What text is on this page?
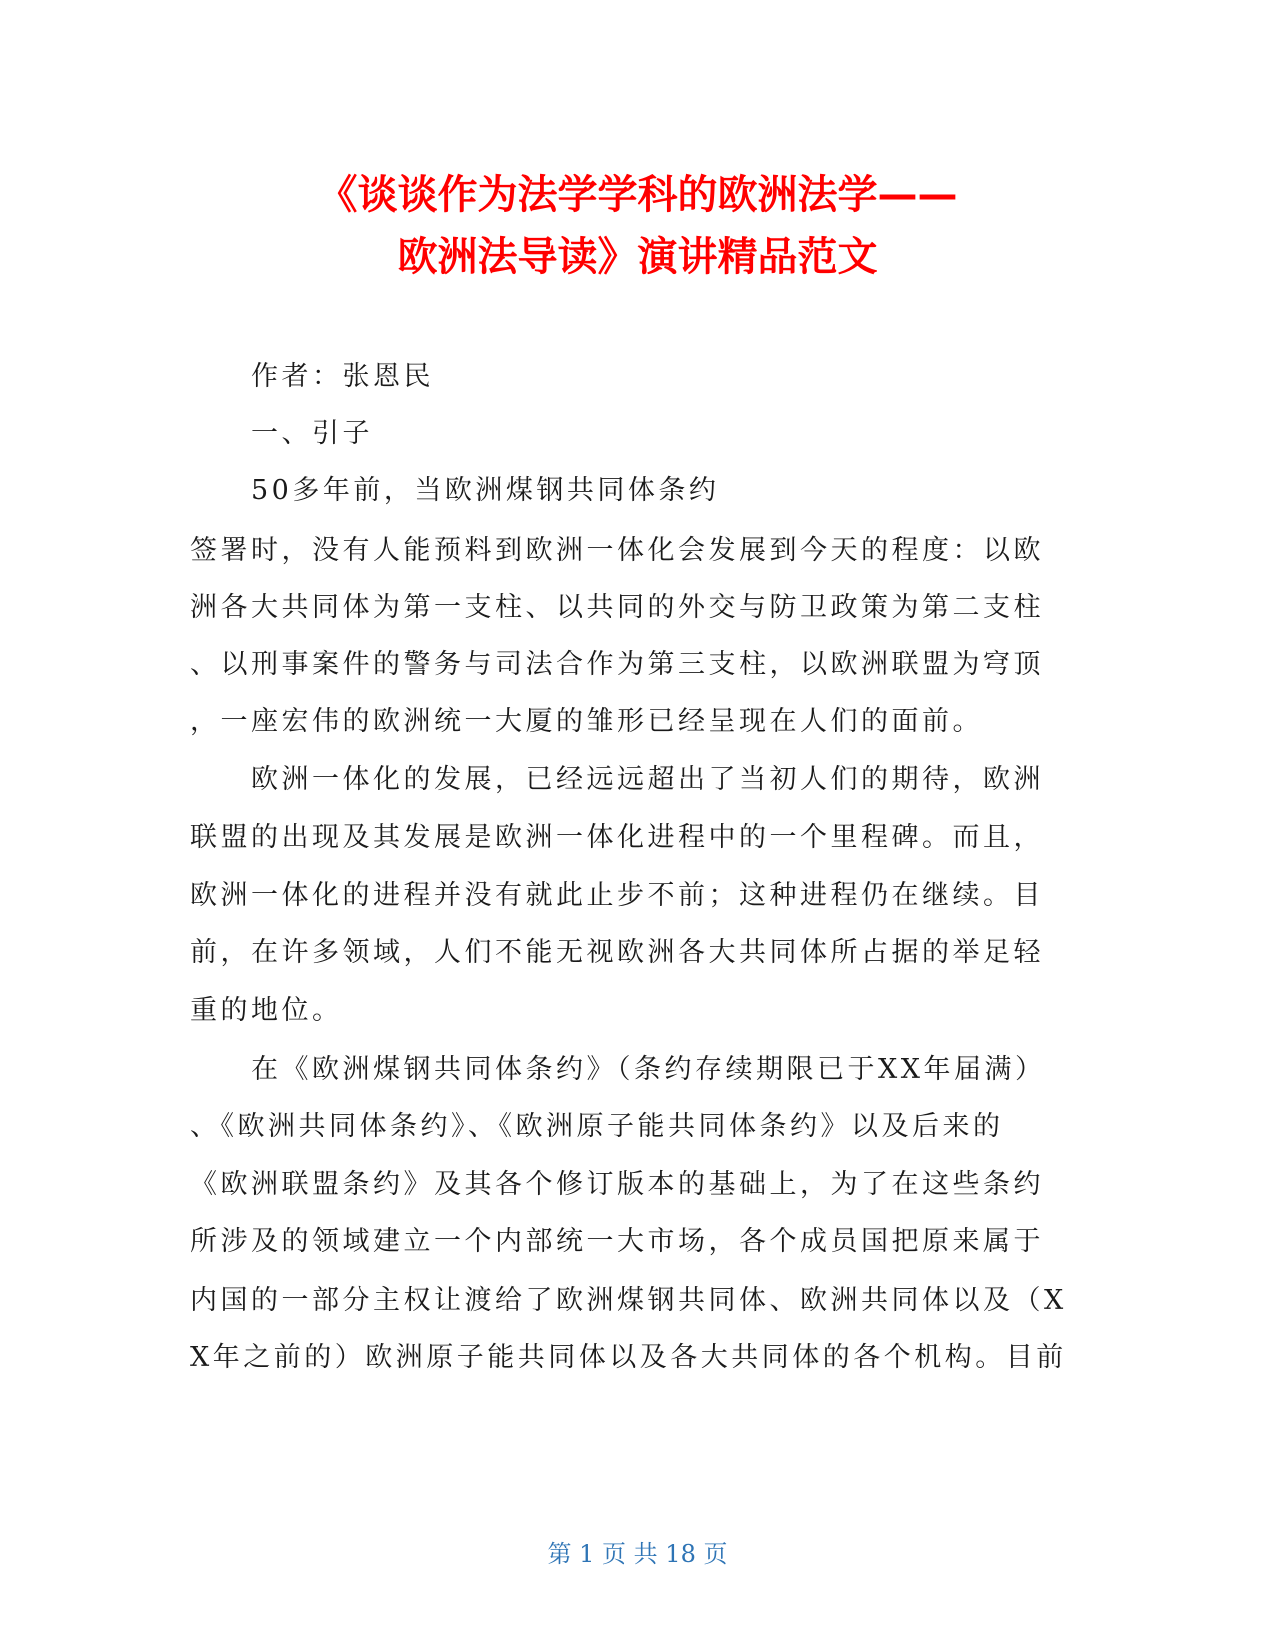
《谈谈作为法学学科的欧洲法学——
欧洲法导读》演讲精品范文
作者：张恩民
一、引子
50多年前，当欧洲煤钢共同体条约
签署时，没有人能预料到欧洲一体化会发展到今天的程度：以欧
洲各大共同体为第一支柱、以共同的外交与防卫政策为第二支柱
、以刑事案件的警务与司法合作为第三支柱，以欧洲联盟为穹顶
，一座宏伟的欧洲统一大厦的雏形已经呈现在人们的面前。
欧洲一体化的发展，已经远远超出了当初人们的期待，欧洲
联盟的出现及其发展是欧洲一体化进程中的一个里程碑。而且，
欧洲一体化的进程并没有就此止步不前；这种进程仍在继续。目
前，在许多领域，人们不能无视欧洲各大共同体所占据的举足轻
重的地位。
在《欧洲煤钢共同体条约》（条约存续期限已于XX年届满）
、《欧洲共同体条约》、《欧洲原子能共同体条约》以及后来的
《欧洲联盟条约》及其各个修订版本的基础上，为了在这些条约
所涉及的领域建立一个内部统一大市场，各个成员国把原来属于
内国的一部分主权让渡给了欧洲煤钢共同体、欧洲共同体以及（X
X年之前的）欧洲原子能共同体以及各大共同体的各个机构。目前
第 1 页 共 18 页
